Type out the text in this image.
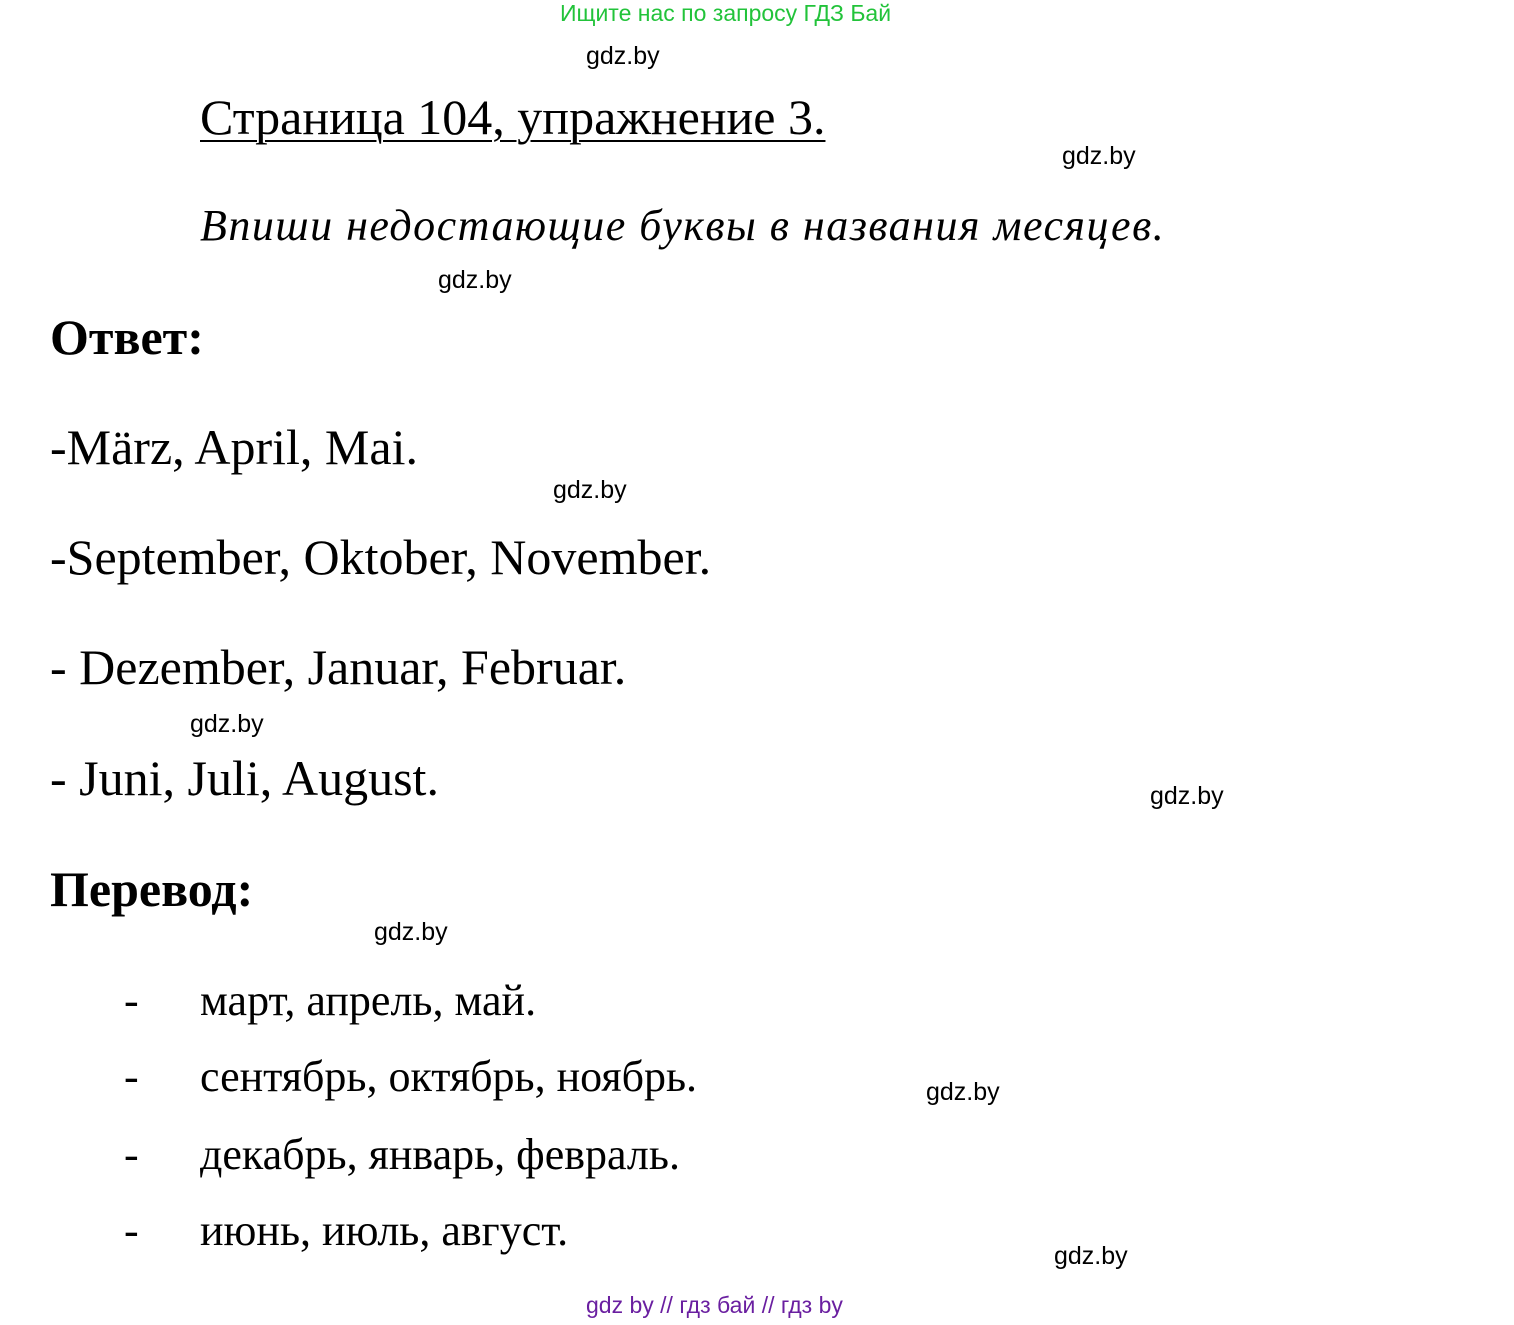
Ищите нас по запросу ГДЗ Бай
gdz.by
Страница 104, упражнение 3.
gdz.by
Впиши недостающие буквы в названия месяцев.
gdz.by
Ответ:
-März, April, Mai.
gdz.by
-September, Oktober, November.
- Dezember, Januar, Februar.
gdz.by
- Juni, Juli, August.	gdz.by
Перевод:
gdz.by
- март, апрель, май.
- сентябрь, октябрь, ноябрь.	gdz.by
- декабрь, январь, февраль.
- июнь, июль, август.
gdz.by
gdz by // гдз бай // гдз by
